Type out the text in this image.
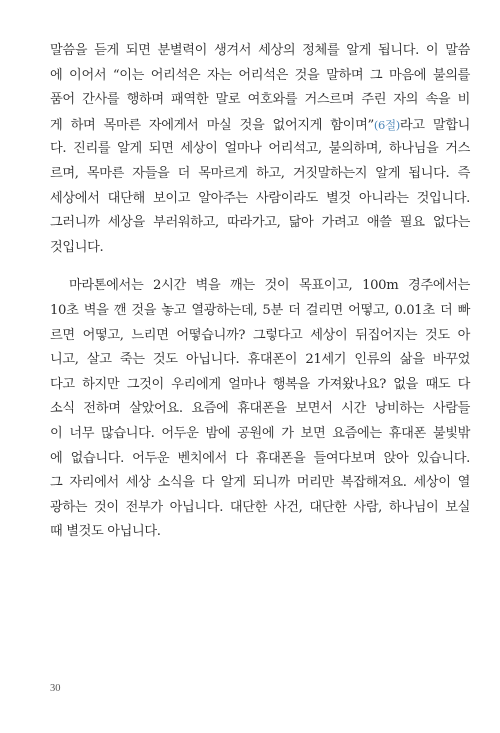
말씀을 듣게 되면 분별력이 생겨서 세상의 정체를 알게 됩니다. 이 말씀
에 이어서 “이는 어리석은 자는 어리석은 것을 말하며 그 마음에 불의를
품어 간사를 행하며 패역한 말로 여호와를 거스르며 주린 자의 속을 비
게 하며 목마른 자에게서 마실 것을 없어지게 함이며”(6절)라고 말합니
다. 진리를 알게 되면 세상이 얼마나 어리석고, 불의하며, 하나님을 거스
르며, 목마른 자들을 더 목마르게 하고, 거짓말하는지 알게 됩니다. 즉
세상에서 대단해 보이고 알아주는 사람이라도 별것 아니라는 것입니다.
그러니까 세상을 부러워하고, 따라가고, 닮아 가려고 애쓸 필요 없다는
것입니다.
마라톤에서는 2시간 벽을 깨는 것이 목표이고, 100m 경주에서는
10초 벽을 깬 것을 놓고 열광하는데, 5분 더 걸리면 어떻고, 0.01초 더 빠
르면 어떻고, 느리면 어떻습니까? 그렇다고 세상이 뒤집어지는 것도 아
니고, 살고 죽는 것도 아닙니다. 휴대폰이 21세기 인류의 삶을 바꾸었
다고 하지만 그것이 우리에게 얼마나 행복을 가져왔나요? 없을 때도 다
소식 전하며 살았어요. 요즘에 휴대폰을 보면서 시간 낭비하는 사람들
이 너무 많습니다. 어두운 밤에 공원에 가 보면 요즘에는 휴대폰 불빛밖
에 없습니다. 어두운 벤치에서 다 휴대폰을 들여다보며 앉아 있습니다.
그 자리에서 세상 소식을 다 알게 되니까 머리만 복잡해져요. 세상이 열
광하는 것이 전부가 아닙니다. 대단한 사건, 대단한 사람, 하나님이 보실
때 별것도 아닙니다.
30
